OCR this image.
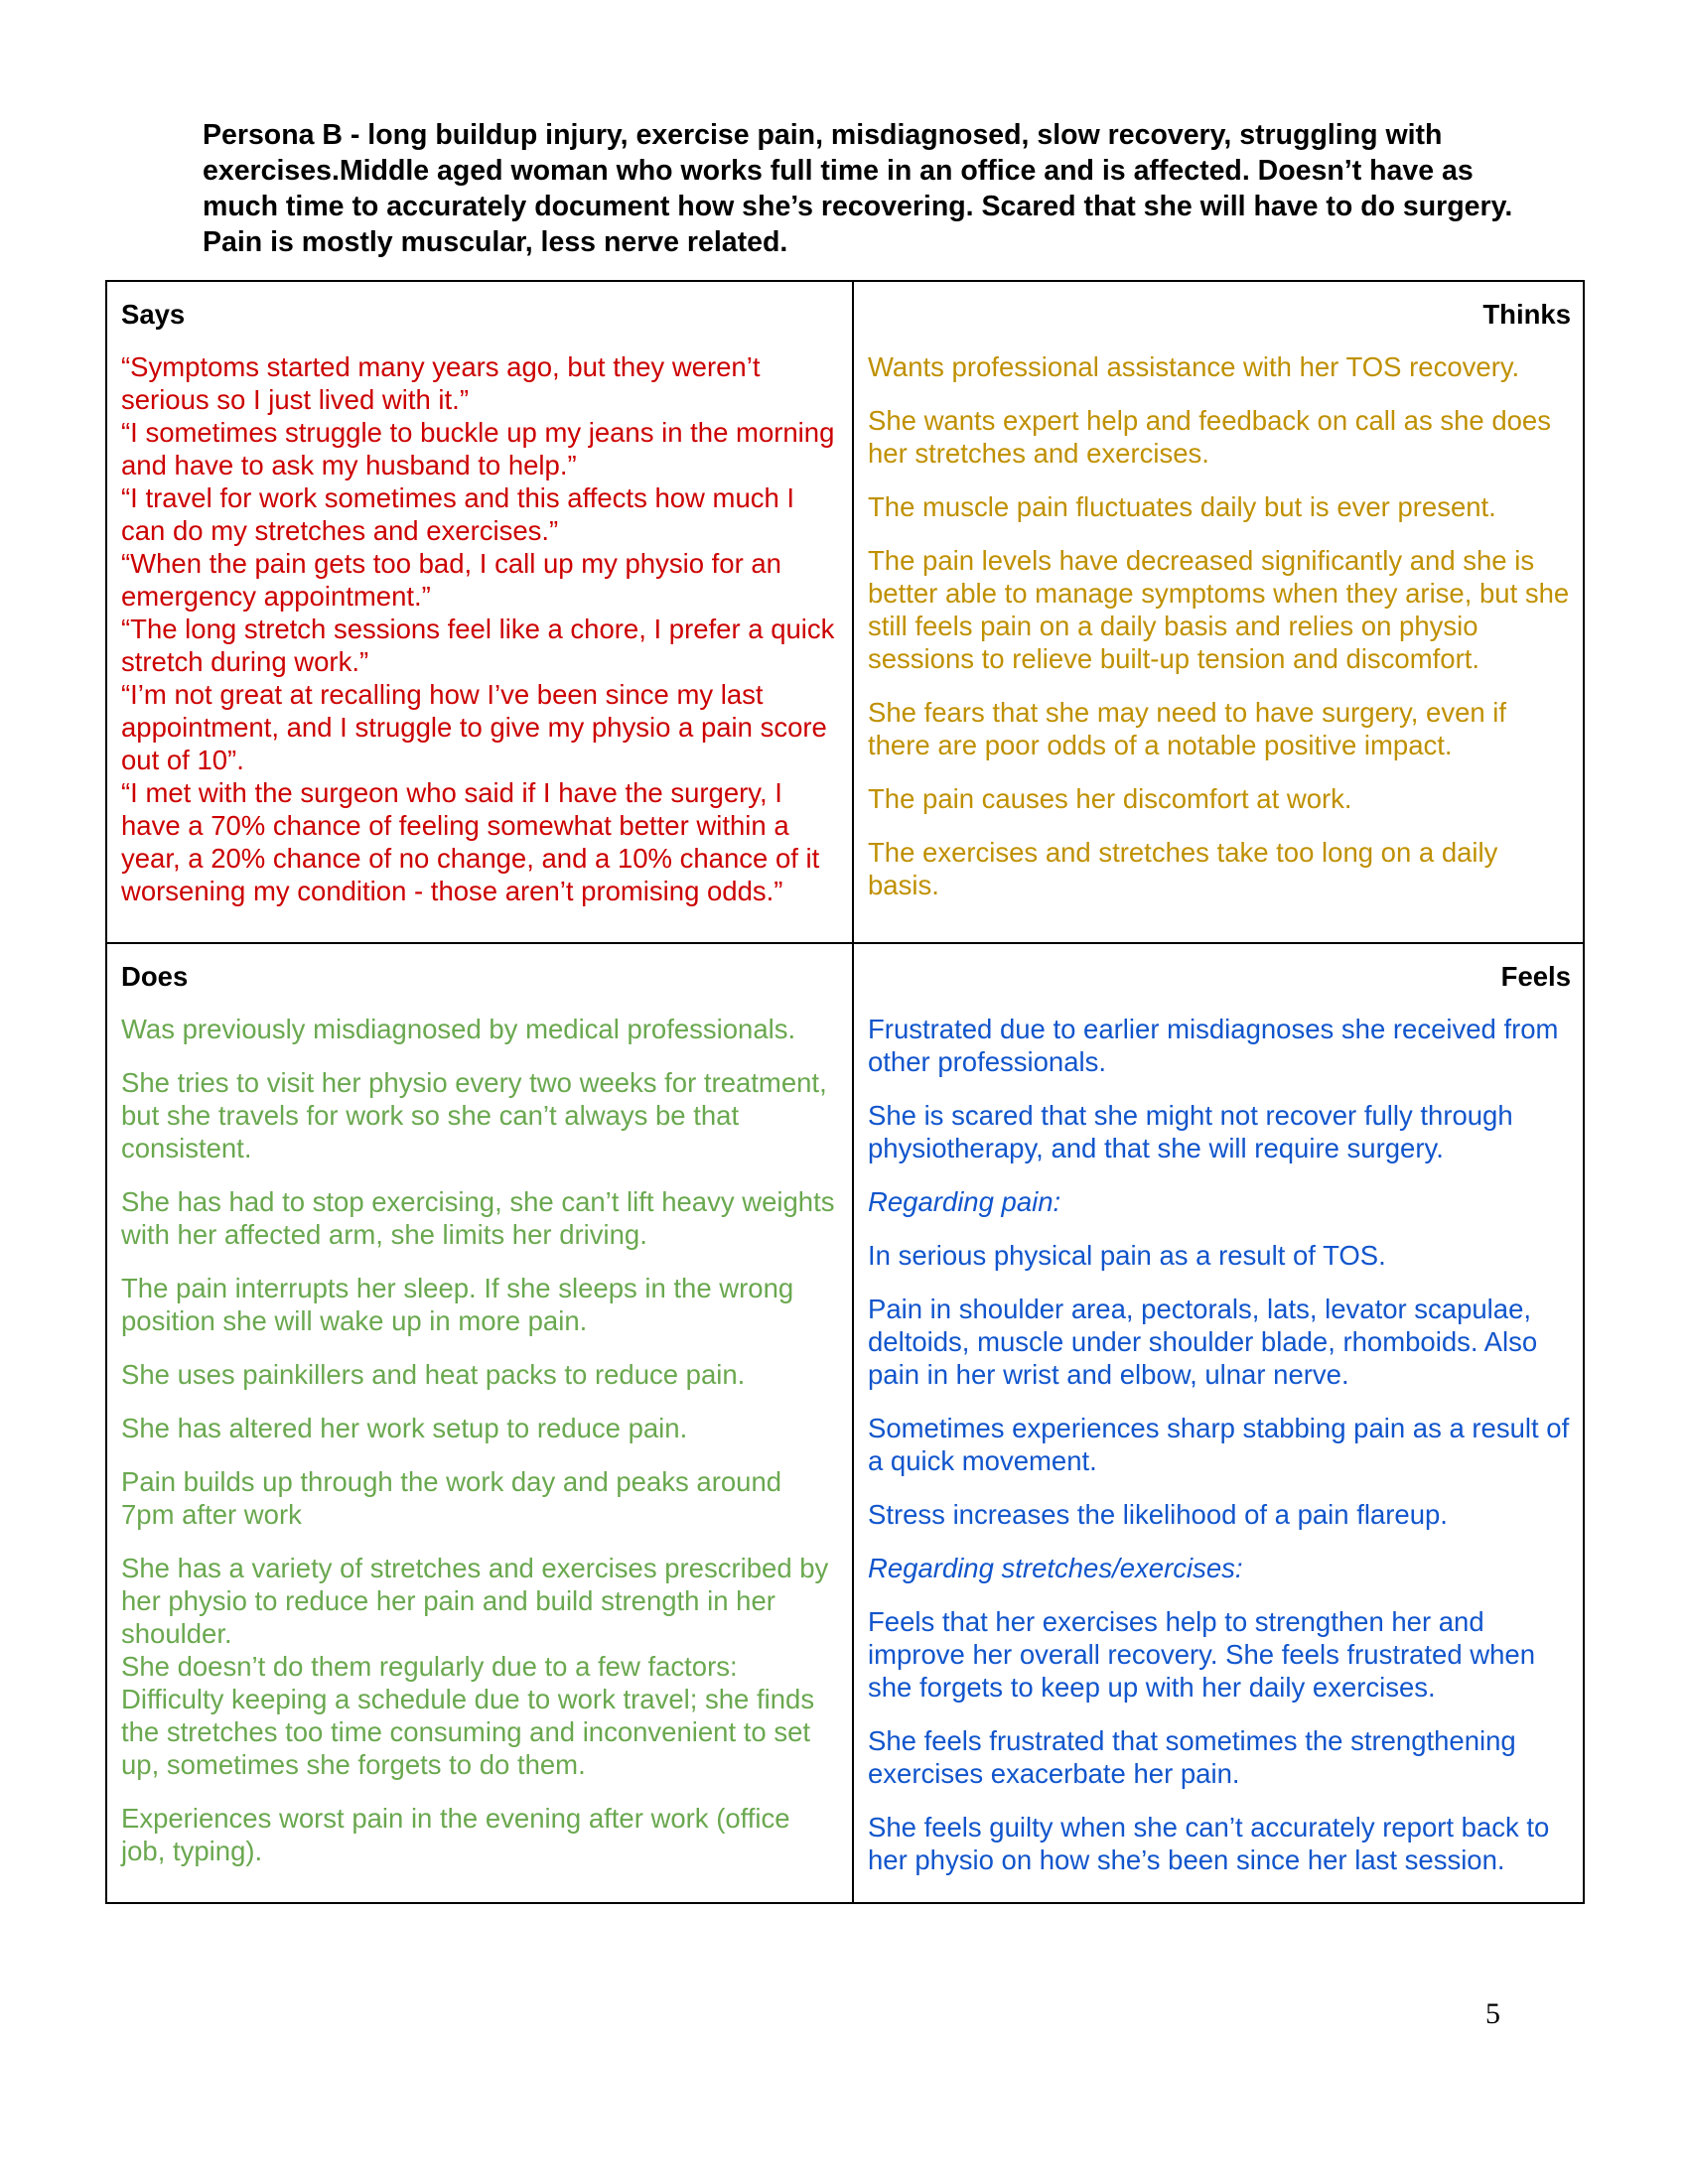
Persona B - long buildup injury, exercise pain, misdiagnosed, slow recovery, struggling with exercises.Middle aged woman who works full time in an office and is affected. Doesn’t have as much time to accurately document how she’s recovering. Scared that she will have to do surgery. Pain is mostly muscular, less nerve related.
Says

“Symptoms started many years ago, but they weren’t serious so I just lived with it.”

“I sometimes struggle to buckle up my jeans in the morning and have to ask my husband to help.”

“I travel for work sometimes and this affects how much I can do my stretches and exercises.”

“When the pain gets too bad, I call up my physio for an emergency appointment.”

“The long stretch sessions feel like a chore, I prefer a quick stretch during work.”

“I’m not great at recalling how I’ve been since my last appointment, and I struggle to give my physio a pain score out of 10”.

“I met with the surgeon who said if I have the surgery, I have a 70% chance of feeling somewhat better within a year, a 20% chance of no change, and a 10% chance of it worsening my condition - those aren’t promising odds.”

Thinks

Wants professional assistance with her TOS recovery.

She wants expert help and feedback on call as she does her stretches and exercises.

The muscle pain fluctuates daily but is ever present.

The pain levels have decreased significantly and she is better able to manage symptoms when they arise, but she still feels pain on a daily basis and relies on physio sessions to relieve built-up tension and discomfort.

She fears that she may need to have surgery, even if there are poor odds of a notable positive impact.

The pain causes her discomfort at work.

The exercises and stretches take too long on a daily basis.

Does

Was previously misdiagnosed by medical professionals.

She tries to visit her physio every two weeks for treatment, but she travels for work so she can’t always be that consistent.

She has had to stop exercising, she can’t lift heavy weights with her affected arm, she limits her driving.

The pain interrupts her sleep. If she sleeps in the wrong position she will wake up in more pain.

She uses painkillers and heat packs to reduce pain.

She has altered her work setup to reduce pain.

Pain builds up through the work day and peaks around 7pm after work

She has a variety of stretches and exercises prescribed by her physio to reduce her pain and build strength in her shoulder.

She doesn’t do them regularly due to a few factors: Difficulty keeping a schedule due to work travel; she finds the stretches too time consuming and inconvenient to set up, sometimes she forgets to do them.

Experiences worst pain in the evening after work (office job, typing).

Feels

Frustrated due to earlier misdiagnoses she received from other professionals.

She is scared that she might not recover fully through physiotherapy, and that she will require surgery.

Regarding pain:

In serious physical pain as a result of TOS.

Pain in shoulder area, pectorals, lats, levator scapulae, deltoids, muscle under shoulder blade, rhomboids. Also pain in her wrist and elbow, ulnar nerve.

Sometimes experiences sharp stabbing pain as a result of a quick movement.

Stress increases the likelihood of a pain flareup.

Regarding stretches/exercises:

Feels that her exercises help to strengthen her and improve her overall recovery. She feels frustrated when she forgets to keep up with her daily exercises.

She feels frustrated that sometimes the strengthening exercises exacerbate her pain.

She feels guilty when she can’t accurately report back to her physio on how she’s been since her last session.

5
